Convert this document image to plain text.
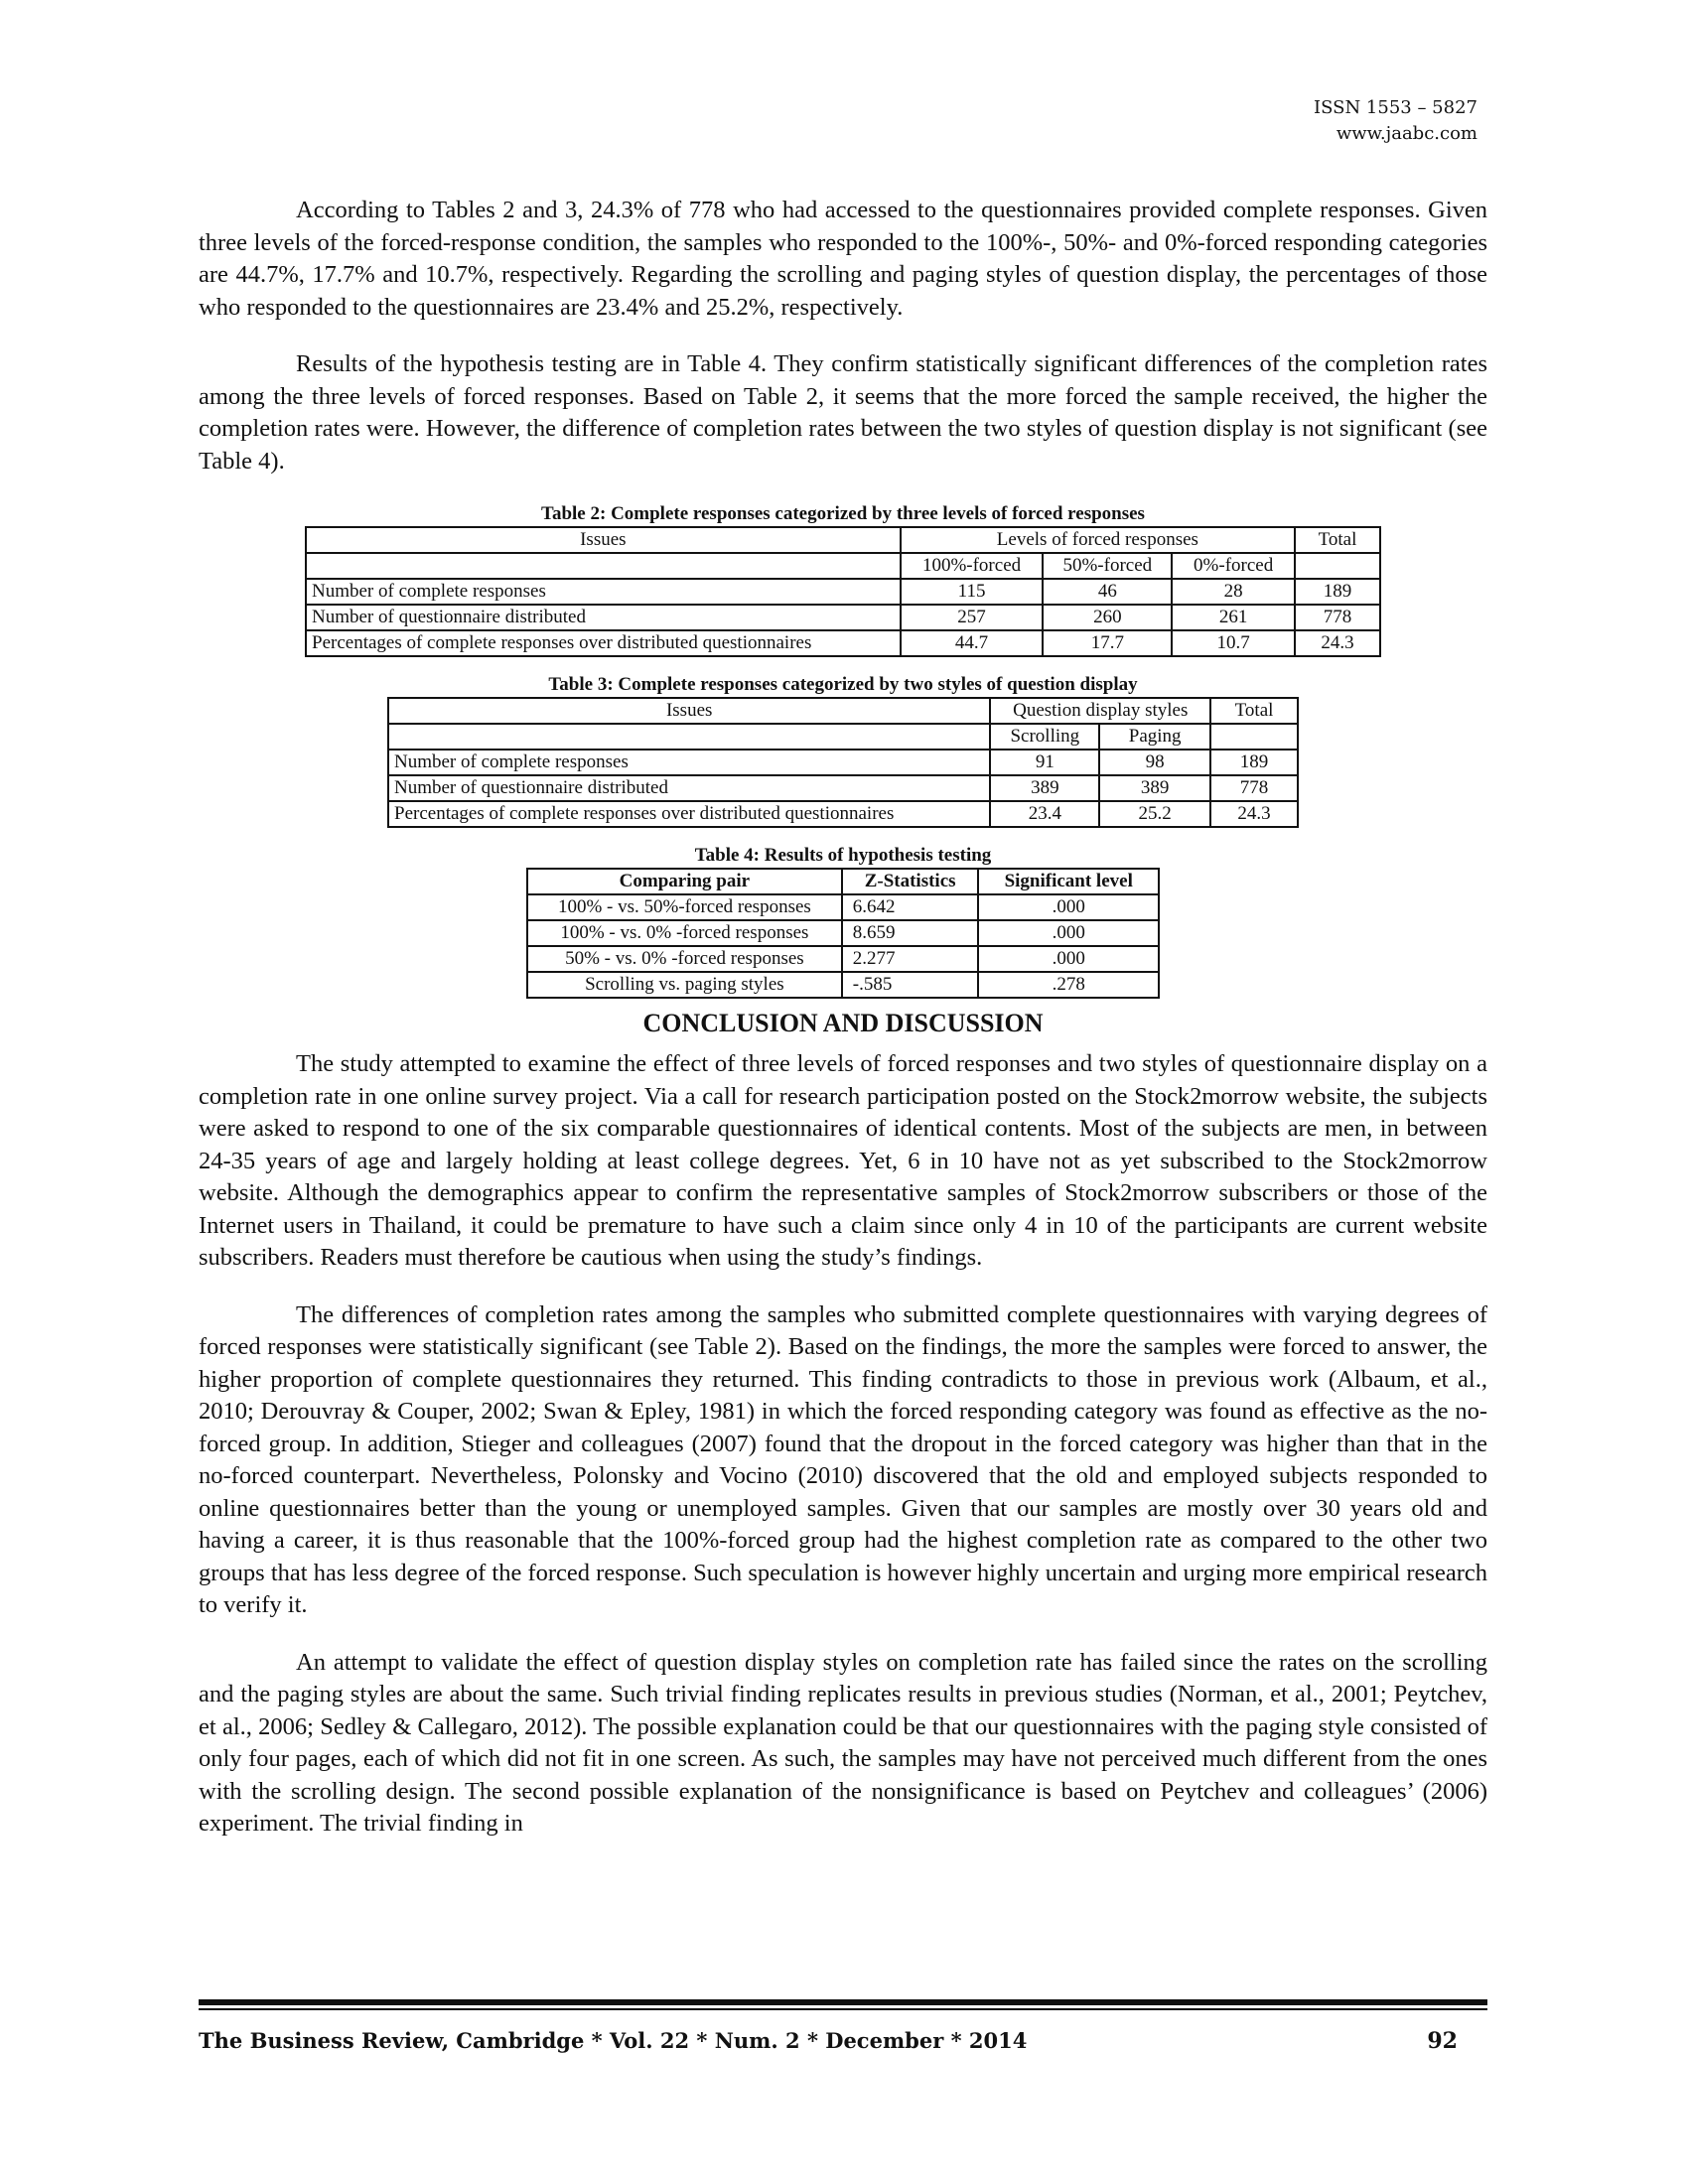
ISSN 1553 – 5827
www.jaabc.com

According to Tables 2 and 3, 24.3% of 778 who had accessed to the questionnaires provided complete responses. Given three levels of the forced-response condition, the samples who responded to the 100%-, 50%- and 0%-forced responding categories are 44.7%, 17.7% and 10.7%, respectively. Regarding the scrolling and paging styles of question display, the percentages of those who responded to the questionnaires are 23.4% and 25.2%, respectively.

Results of the hypothesis testing are in Table 4. They confirm statistically significant differences of the completion rates among the three levels of forced responses. Based on Table 2, it seems that the more forced the sample received, the higher the completion rates were. However, the difference of completion rates between the two styles of question display is not significant (see Table 4).

Table 2: Complete responses categorized by three levels of forced responses

Issues	Levels of forced responses			Total
	100%-forced	50%-forced	0%-forced	
Number of complete responses	115	46	28	189
Number of questionnaire distributed	257	260	261	778
Percentages of complete responses over distributed questionnaires	44.7	17.7	10.7	24.3

Table 3: Complete responses categorized by two styles of question display

Issues	Question display styles		Total
	Scrolling	Paging	
Number of complete responses	91	98	189
Number of questionnaire distributed	389	389	778
Percentages of complete responses over distributed questionnaires	23.4	25.2	24.3

Table 4: Results of hypothesis testing

Comparing pair	Z-Statistics	Significant level
100% - vs. 50%-forced responses	6.642	.000
100% - vs. 0% -forced responses	8.659	.000
50% - vs. 0% -forced responses	2.277	.000
Scrolling vs. paging styles	-.585	.278
CONCLUSION AND DISCUSSION

The study attempted to examine the effect of three levels of forced responses and two styles of questionnaire display on a completion rate in one online survey project. Via a call for research participation posted on the Stock2morrow website, the subjects were asked to respond to one of the six comparable questionnaires of identical contents. Most of the subjects are men, in between 24-35 years of age and largely holding at least college degrees. Yet, 6 in 10 have not as yet subscribed to the Stock2morrow website. Although the demographics appear to confirm the representative samples of Stock2morrow subscribers or those of the Internet users in Thailand, it could be premature to have such a claim since only 4 in 10 of the participants are current website subscribers. Readers must therefore be cautious when using the study’s findings.

The differences of completion rates among the samples who submitted complete questionnaires with varying degrees of forced responses were statistically significant (see Table 2). Based on the findings, the more the samples were forced to answer, the higher proportion of complete questionnaires they returned. This finding contradicts to those in previous work (Albaum, et al., 2010; Derouvray & Couper, 2002; Swan & Epley, 1981) in which the forced responding category was found as effective as the no-forced group. In addition, Stieger and colleagues (2007) found that the dropout in the forced category was higher than that in the no-forced counterpart. Nevertheless, Polonsky and Vocino (2010) discovered that the old and employed subjects responded to online questionnaires better than the young or unemployed samples. Given that our samples are mostly over 30 years old and having a career, it is thus reasonable that the 100%-forced group had the highest completion rate as compared to the other two groups that has less degree of the forced response. Such speculation is however highly uncertain and urging more empirical research to verify it.

An attempt to validate the effect of question display styles on completion rate has failed since the rates on the scrolling and the paging styles are about the same. Such trivial finding replicates results in previous studies (Norman, et al., 2001; Peytchev, et al., 2006; Sedley & Callegaro, 2012). The possible explanation could be that our questionnaires with the paging style consisted of only four pages, each of which did not fit in one screen. As such, the samples may have not perceived much different from the ones with the scrolling design. The second possible explanation of the nonsignificance is based on Peytchev and colleagues’ (2006) experiment. The trivial finding in

The Business Review, Cambridge * Vol. 22 * Num. 2 * December * 2014	92
